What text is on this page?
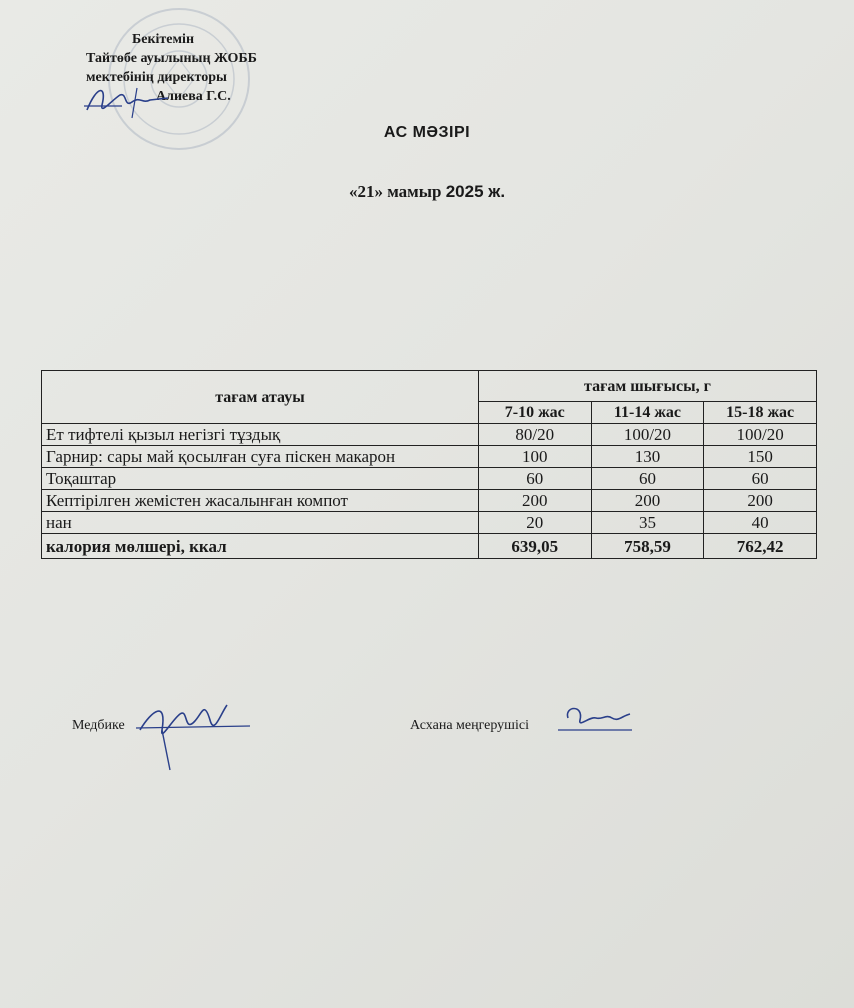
Бекітемін
Тайтөбе ауылының ЖОББ
мектебінің директоры
Алиева Г.С.
АС МӘЗІРІ
«21» мамыр 2025 ж.
тағам атауы	тағам шығысы, г		
	7-10 жас	11-14 жас	15-18 жас
Ет тифтелі қызыл негізгі тұздық	80/20	100/20	100/20
Гарнир: сары май қосылған суға піскен макарон	100	130	150
Тоқаштар	60	60	60
Кептірілген жемістен жасалынған компот	200	200	200
нан	20	35	40
калория мөлшері, ккал	639,05	758,59	762,42
Медбике	Асхана меңгерушісі
